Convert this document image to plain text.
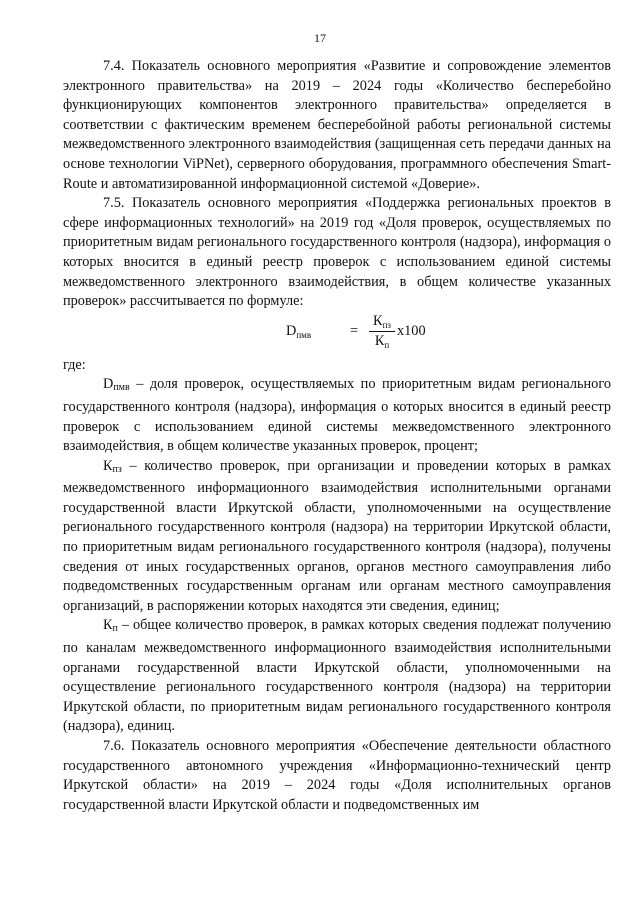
17

7.4. Показатель основного мероприятия «Развитие и сопровождение элементов электронного правительства» на 2019 – 2024 годы «Количество бесперебойно функционирующих компонентов электронного правительства» определяется в соответствии с фактическим временем бесперебойной работы региональной системы межведомственного электронного взаимодействия (защищенная сеть передачи данных на основе технологии ViPNet), серверного оборудования, программного обеспечения Smart-Route и автоматизированной информационной системой «Доверие».

7.5. Показатель основного мероприятия «Поддержка региональных проектов в сфере информационных технологий» на 2019 год «Доля проверок, осуществляемых по приоритетным видам регионального государственного контроля (надзора), информация о которых вносится в единый реестр проверок с использованием единой системы межведомственного электронного взаимодействия, в общем количестве указанных проверок» рассчитывается по формуле:

$D_{пмв}$	=
$К_{пз}$
$К_п$
х100

где:

$D_{пмв}$ – доля проверок, осуществляемых по приоритетным видам регионального государственного контроля (надзора), информация о которых вносится в единый реестр проверок с использованием единой системы межведомственного электронного взаимодействия, в общем количестве указанных проверок, процент;

$К_{пз}$ – количество проверок, при организации и проведении которых в рамках межведомственного информационного взаимодействия исполнительными органами государственной власти Иркутской области, уполномоченными на осуществление регионального государственного контроля (надзора) на территории Иркутской области, по приоритетным видам регионального государственного контроля (надзора), получены сведения от иных государственных органов, органов местного самоуправления либо подведомственных государственным органам или органам местного самоуправления организаций, в распоряжении которых находятся эти сведения, единиц;

$К_п$ – общее количество проверок, в рамках которых сведения подлежат получению по каналам межведомственного информационного взаимодействия исполнительными органами государственной власти Иркутской области, уполномоченными на осуществление регионального государственного контроля (надзора) на территории Иркутской области, по приоритетным видам регионального государственного контроля (надзора), единиц.

7.6. Показатель основного мероприятия «Обеспечение деятельности областного государственного автономного учреждения «Информационно-технический центр Иркутской области» на 2019 – 2024 годы «Доля исполнительных органов государственной власти Иркутской области и подведомственных им
